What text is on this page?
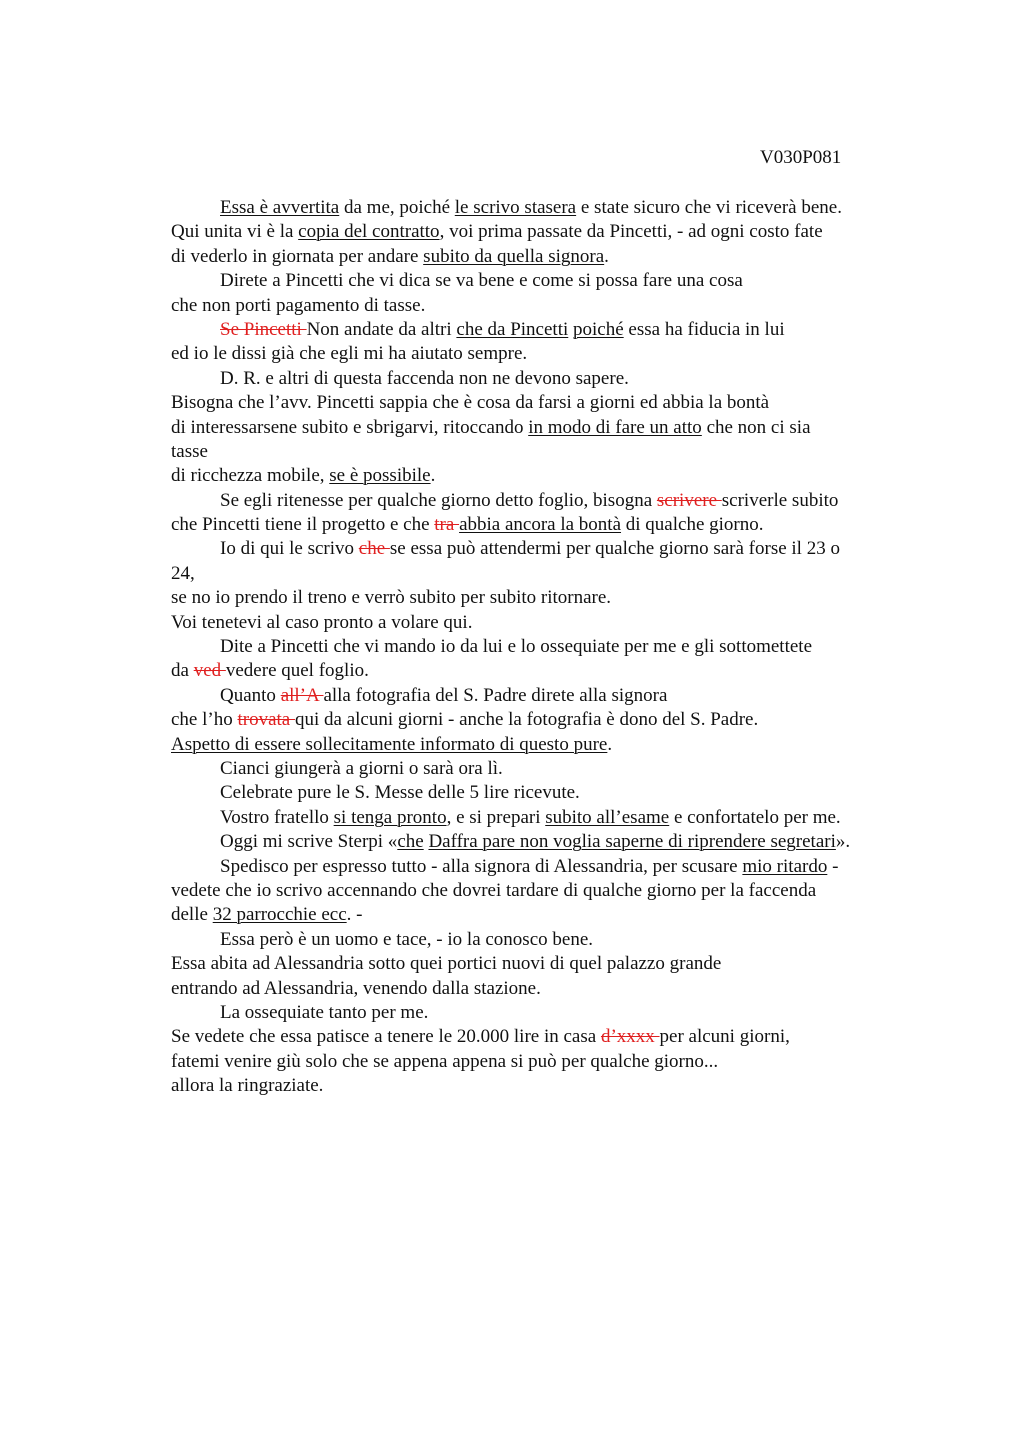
V030P081
Essa è avvertita da me, poiché le scrivo stasera e state sicuro che vi riceverà bene.
Qui unita vi è la copia del contratto, voi prima passate da Pincetti, - ad ogni costo fate
di vederlo in giornata per andare subito da quella signora.
Direte a Pincetti che vi dica se va bene e come si possa fare una cosa
che non porti pagamento di tasse.
Se Pincetti Non andate da altri che da Pincetti poiché essa ha fiducia in lui
ed io le dissi già che egli mi ha aiutato sempre.
D. R. e altri di questa faccenda non ne devono sapere.
Bisogna che l’avv. Pincetti sappia che è cosa da farsi a giorni ed abbia la bontà
di interessarsene subito e sbrigarvi, ritoccando in modo di fare un atto che non ci sia
tasse
di ricchezza mobile, se è possibile.
Se egli ritenesse per qualche giorno detto foglio, bisogna scrivere scriverle subito
che Pincetti tiene il progetto e che tra abbia ancora la bontà di qualche giorno.
Io di qui le scrivo che se essa può attendermi per qualche giorno sarà forse il 23 o
24,
se no io prendo il treno e verrò subito per subito ritornare.
Voi tenetevi al caso pronto a volare qui.
Dite a Pincetti che vi mando io da lui e lo ossequiate per me e gli sottomettete
da ved vedere quel foglio.
Quanto all’A alla fotografia del S. Padre direte alla signora
che l’ho trovata qui da alcuni giorni - anche la fotografia è dono del S. Padre.
Aspetto di essere sollecitamente informato di questo pure.
Cianci giungerà a giorni o sarà ora lì.
Celebrate pure le S. Messe delle 5 lire ricevute.
Vostro fratello si tenga pronto, e si prepari subito all’esame e confortatelo per me.
Oggi mi scrive Sterpi «che Daffra pare non voglia saperne di riprendere segretari».
Spedisco per espresso tutto - alla signora di Alessandria, per scusare mio ritardo -
vedete che io scrivo accennando che dovrei tardare di qualche giorno per la faccenda
delle 32 parrocchie ecc. -
Essa però è un uomo e tace, - io la conosco bene.
Essa abita ad Alessandria sotto quei portici nuovi di quel palazzo grande
entrando ad Alessandria, venendo dalla stazione.
La ossequiate tanto per me.
Se vedete che essa patisce a tenere le 20.000 lire in casa d’xxxx per alcuni giorni,
fatemi venire giù solo che se appena appena si può per qualche giorno...
allora la ringraziate.
